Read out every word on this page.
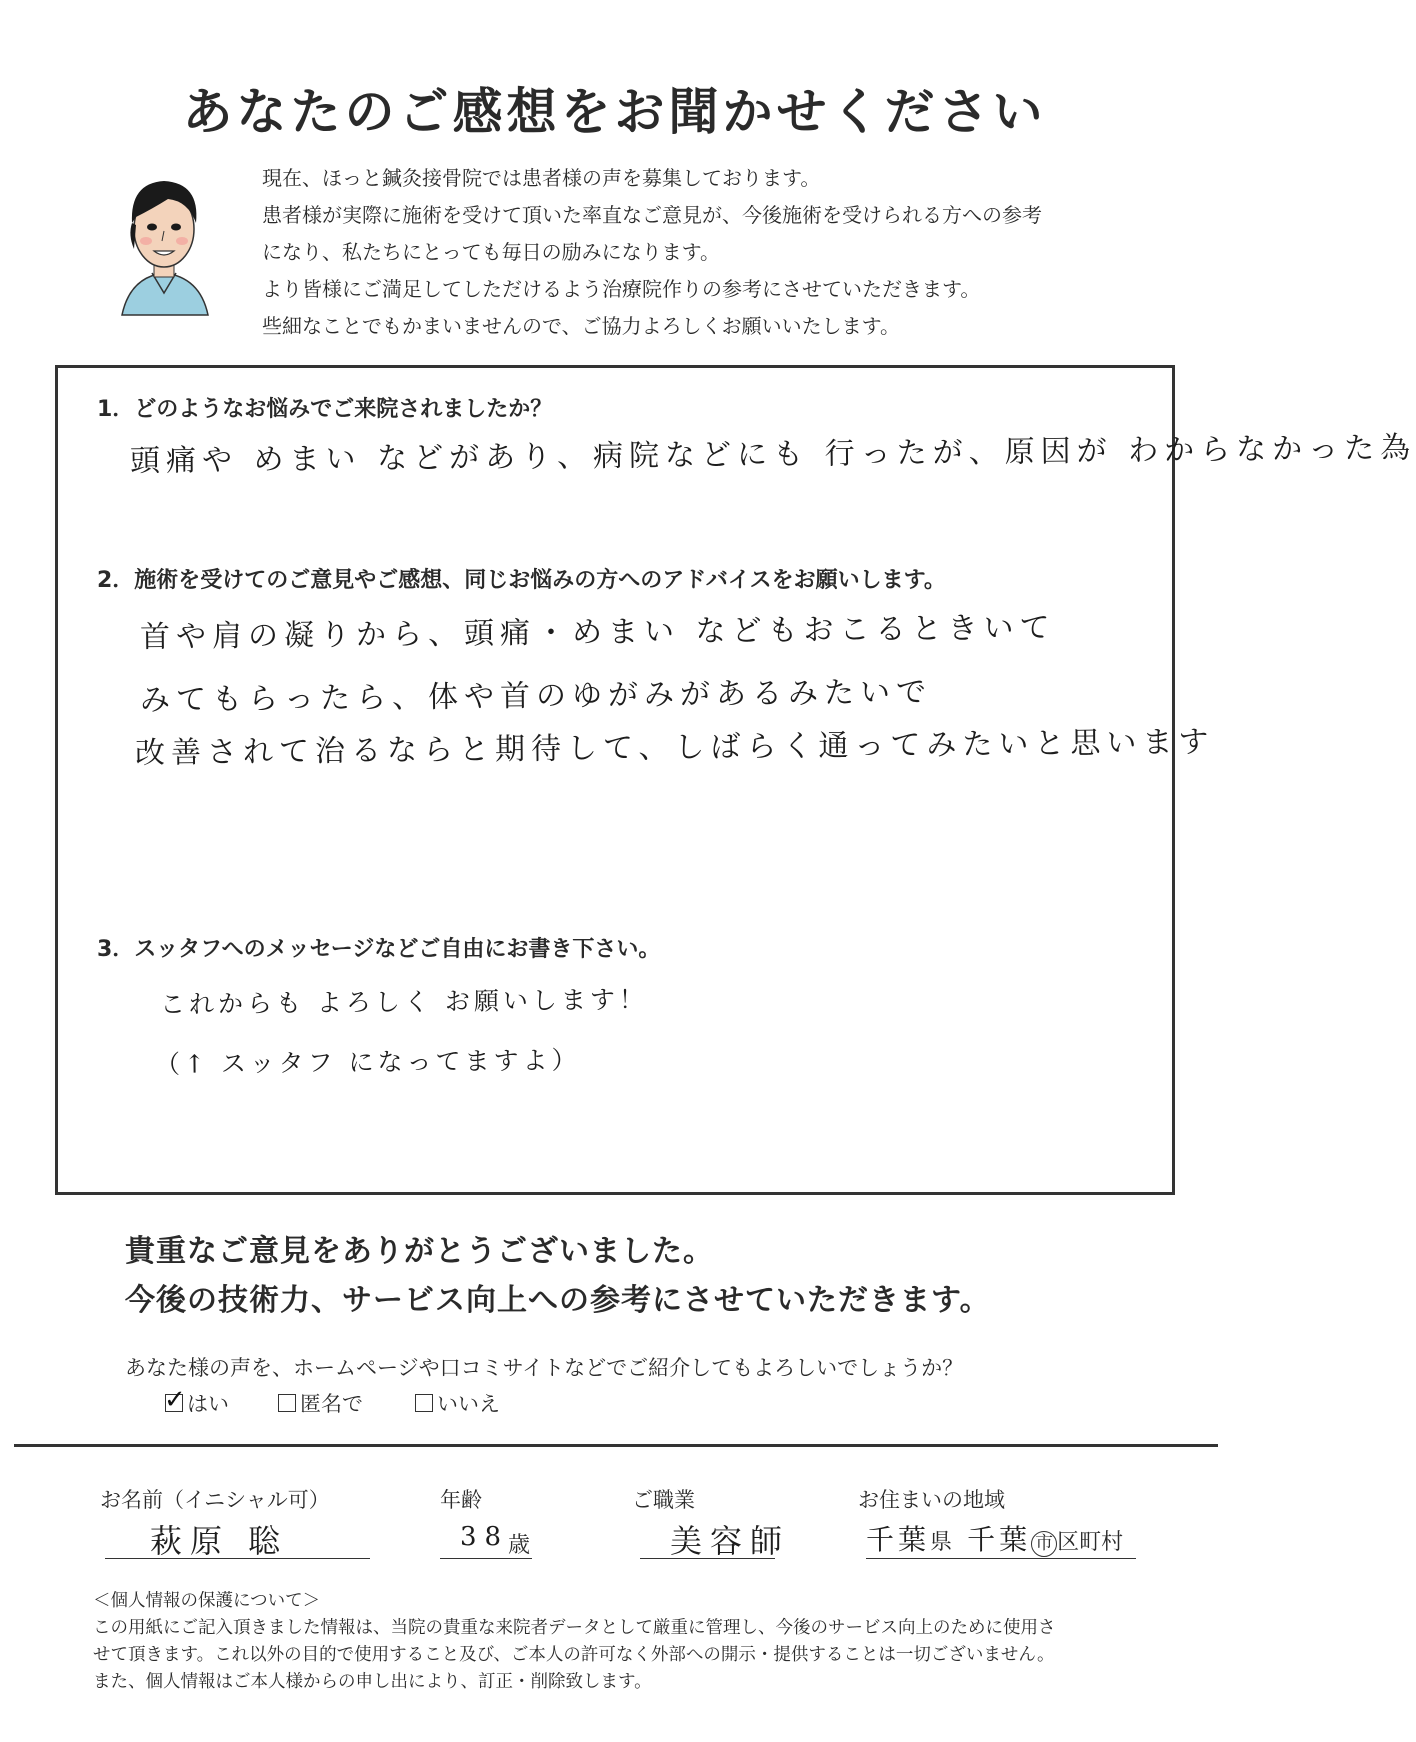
あなたのご感想をお聞かせください
現在、ほっと鍼灸接骨院では患者様の声を募集しております。
患者様が実際に施術を受けて頂いた率直なご意見が、今後施術を受けられる方への参考
になり、私たちにとっても毎日の励みになります。
より皆様にご満足してしただけるよう治療院作りの参考にさせていただきます。
些細なことでもかまいませんので、ご協力よろしくお願いいたします。
1．どのようなお悩みでご来院されましたか？
頭痛や めまい などがあり、病院などにも 行ったが、原因が わからなかった為
2．施術を受けてのご意見やご感想、同じお悩みの方へのアドバイスをお願いします。
首や肩の凝りから、頭痛・めまい などもおこるときいて
みてもらったら、体や首のゆがみがあるみたいで
改善されて治るならと期待して、しばらく通ってみたいと思います
3．スッタフへのメッセージなどご自由にお書き下さい。
これからも よろしく お願いします！
（↑ スッタフ になってますよ）
貴重なご意見をありがとうございました。
今後の技術力、サービス向上への参考にさせていただきます。
あなた様の声を、ホームページや口コミサイトなどでご紹介してもよろしいでしょうか？
✓ はい	匿名で	いいえ
お名前（イニシャル可）
萩原 聡
年齢
38
歳
ご職業
美容師
お住まいの地域
千葉県 千葉 市 区町村
＜個人情報の保護について＞
この用紙にご記入頂きました情報は、当院の貴重な来院者データとして厳重に管理し、今後のサービス向上のために使用さ
せて頂きます。これ以外の目的で使用すること及び、ご本人の許可なく外部への開示・提供することは一切ございません。
また、個人情報はご本人様からの申し出により、訂正・削除致します。
